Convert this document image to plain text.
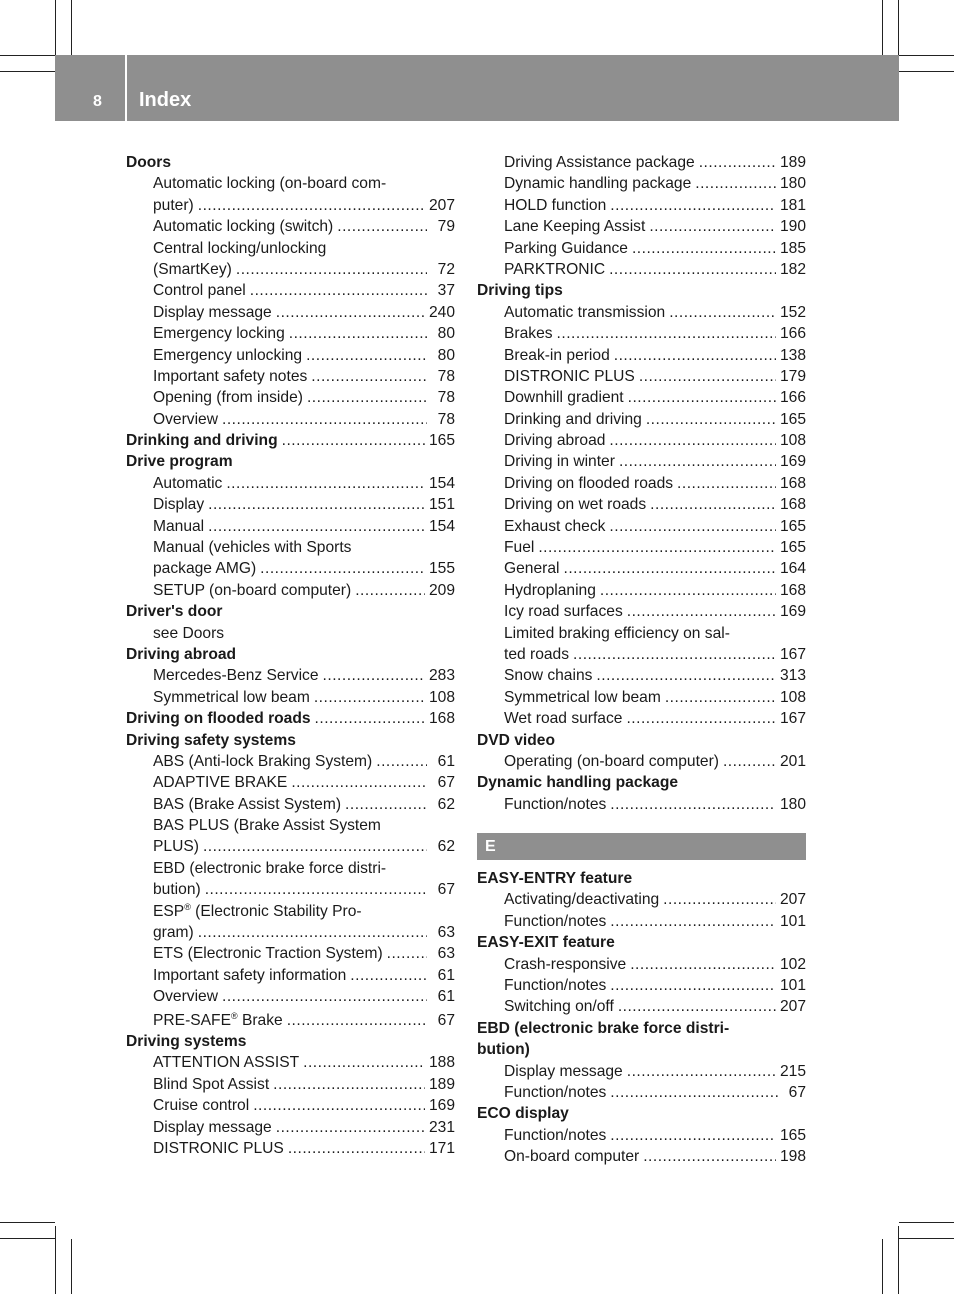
8 Index
Doors
Automatic locking (on-board com-
puter) .....	207
Automatic locking (switch) .....	79
Central locking/unlocking
(SmartKey) .....	72
Control panel .....	37
Display message .....	240
Emergency locking .....	80
Emergency unlocking .....	80
Important safety notes .....	78
Opening (from inside) .....	78
Overview .....	78
Drinking and driving .....	165
Drive program
Automatic .....	154
Display .....	151
Manual .....	154
Manual (vehicles with Sports
package AMG) .....	155
SETUP (on-board computer) .....	209
Driver's door
see Doors
Driving abroad
Mercedes-Benz Service .....	283
Symmetrical low beam .....	108
Driving on flooded roads .....	168
Driving safety systems
ABS (Anti-lock Braking System) .....	61
ADAPTIVE BRAKE .....	67
BAS (Brake Assist System) .....	62
BAS PLUS (Brake Assist System
PLUS) .....	62
EBD (electronic brake force distri-
bution) .....	67
ESP® (Electronic Stability Pro-
gram) .....	63
ETS (Electronic Traction System) .....	63
Important safety information .....	61
Overview .....	61
PRE-SAFE® Brake .....	67
Driving systems
ATTENTION ASSIST .....	188
Blind Spot Assist .....	189
Cruise control .....	169
Display message .....	231
DISTRONIC PLUS .....	171
Driving Assistance package .....	189
Dynamic handling package .....	180
HOLD function .....	181
Lane Keeping Assist .....	190
Parking Guidance .....	185
PARKTRONIC .....	182
Driving tips
Automatic transmission .....	152
Brakes .....	166
Break-in period .....	138
DISTRONIC PLUS .....	179
Downhill gradient .....	166
Drinking and driving .....	165
Driving abroad .....	108
Driving in winter .....	169
Driving on flooded roads .....	168
Driving on wet roads .....	168
Exhaust check .....	165
Fuel .....	165
General .....	164
Hydroplaning .....	168
Icy road surfaces .....	169
Limited braking efficiency on sal-
ted roads .....	167
Snow chains .....	313
Symmetrical low beam .....	108
Wet road surface .....	167
DVD video
Operating (on-board computer) .....	201
Dynamic handling package
Function/notes .....	180
E
EASY-ENTRY feature
Activating/deactivating .....	207
Function/notes .....	101
EASY-EXIT feature
Crash-responsive .....	102
Function/notes .....	101
Switching on/off .....	207
EBD (electronic brake force distri-
bution)
Display message .....	215
Function/notes .....	67
ECO display
Function/notes .....	165
On-board computer .....	198
